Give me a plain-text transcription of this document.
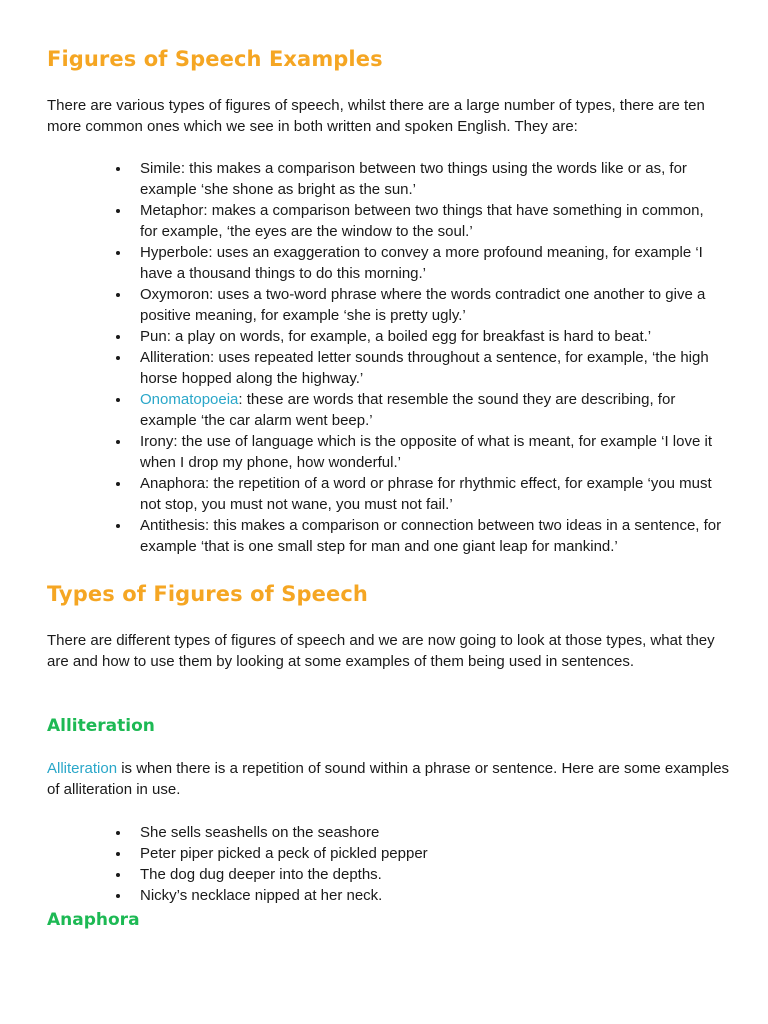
Figures of Speech Examples

There are various types of figures of speech, whilst there are a large number of types, there are ten more common ones which we see in both written and spoken English. They are:

Simile: this makes a comparison between two things using the words like or as, for example ‘she shone as bright as the sun.’
Metaphor: makes a comparison between two things that have something in common, for example, ‘the eyes are the window to the soul.’
Hyperbole: uses an exaggeration to convey a more profound meaning, for example ‘I have a thousand things to do this morning.’
Oxymoron: uses a two-word phrase where the words contradict one another to give a positive meaning, for example ‘she is pretty ugly.’
Pun: a play on words, for example, a boiled egg for breakfast is hard to beat.’
Alliteration: uses repeated letter sounds throughout a sentence, for example, ‘the high horse hopped along the highway.’
Onomatopoeia: these are words that resemble the sound they are describing, for example ‘the car alarm went beep.’
Irony: the use of language which is the opposite of what is meant, for example ‘I love it when I drop my phone, how wonderful.’
Anaphora: the repetition of a word or phrase for rhythmic effect, for example ‘you must not stop, you must not wane, you must not fail.’
Antithesis: this makes a comparison or connection between two ideas in a sentence, for example ‘that is one small step for man and one giant leap for mankind.’
Types of Figures of Speech

There are different types of figures of speech and we are now going to look at those types, what they are and how to use them by looking at some examples of them being used in sentences.

Alliteration

Alliteration is when there is a repetition of sound within a phrase or sentence. Here are some examples of alliteration in use.

She sells seashells on the seashore
Peter piper picked a peck of pickled pepper
The dog dug deeper into the depths.
Nicky’s necklace nipped at her neck.
Anaphora
